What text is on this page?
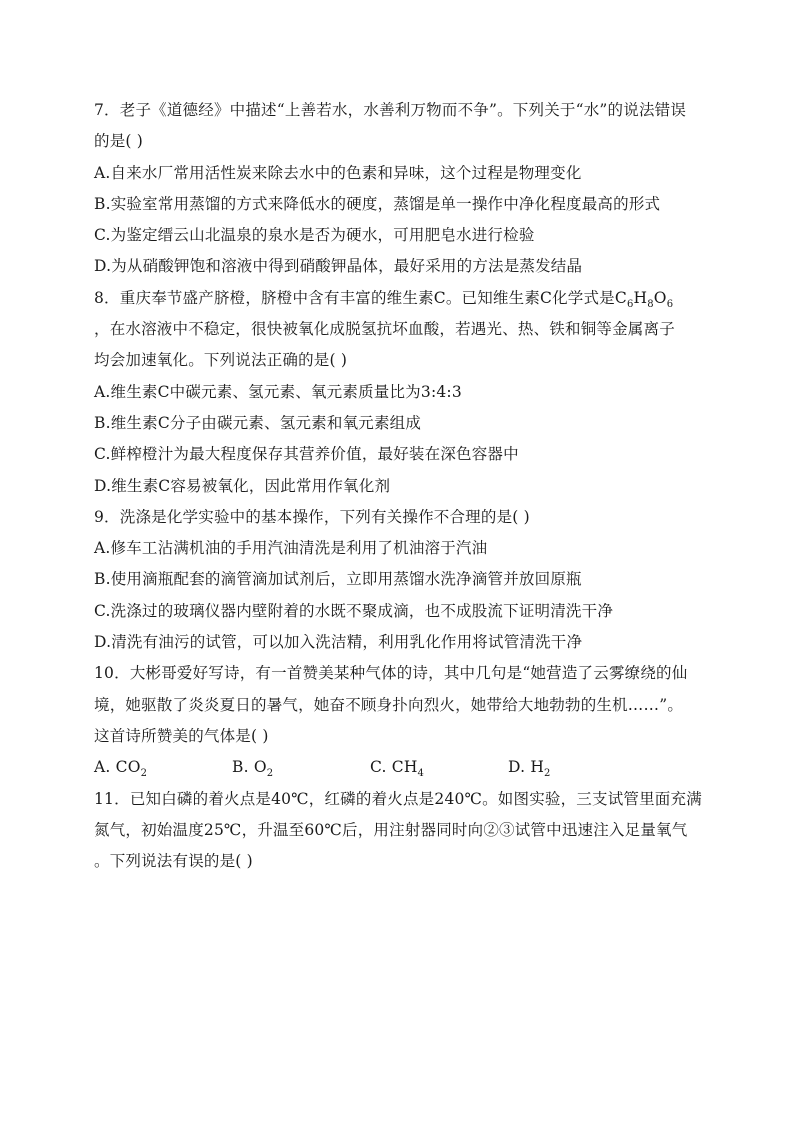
7．老子《道德经》中描述“上善若水，水善利万物而不争”。下列关于“水”的说法错误
的是( )
A.自来水厂常用活性炭来除去水中的色素和异味，这个过程是物理变化
B.实验室常用蒸馏的方式来降低水的硬度，蒸馏是单一操作中净化程度最高的形式
C.为鉴定缙云山北温泉的泉水是否为硬水，可用肥皂水进行检验
D.为从硝酸钾饱和溶液中得到硝酸钾晶体，最好采用的方法是蒸发结晶
8．重庆奉节盛产脐橙，脐橙中含有丰富的维生素C。已知维生素C化学式是$C_6H_8O_6$
，在水溶液中不稳定，很快被氧化成脱氢抗坏血酸，若遇光、热、铁和铜等金属离子
均会加速氧化。下列说法正确的是( )
A.维生素C中碳元素、氢元素、氧元素质量比为3:4:3
B.维生素C分子由碳元素、氢元素和氧元素组成
C.鲜榨橙汁为最大程度保存其营养价值，最好装在深色容器中
D.维生素C容易被氧化，因此常用作氧化剂
9．洗涤是化学实验中的基本操作，下列有关操作不合理的是( )
A.修车工沾满机油的手用汽油清洗是利用了机油溶于汽油
B.使用滴瓶配套的滴管滴加试剂后，立即用蒸馏水洗净滴管并放回原瓶
C.洗涤过的玻璃仪器内壁附着的水既不聚成滴，也不成股流下证明清洗干净
D.清洗有油污的试管，可以加入洗洁精，利用乳化作用将试管清洗干净
10．大彬哥爱好写诗，有一首赞美某种气体的诗，其中几句是“她营造了云雾缭绕的仙
境，她驱散了炎炎夏日的暑气，她奋不顾身扑向烈火，她带给大地勃勃的生机……”。
这首诗所赞美的气体是( )
A. $CO_2$	B. $O_2$	C. $CH_4$	D. $H_2$
11．已知白磷的着火点是40℃，红磷的着火点是240℃。如图实验，三支试管里面充满
氮气，初始温度25℃，升温至60℃后，用注射器同时向②③试管中迅速注入足量氧气
。下列说法有误的是( )
